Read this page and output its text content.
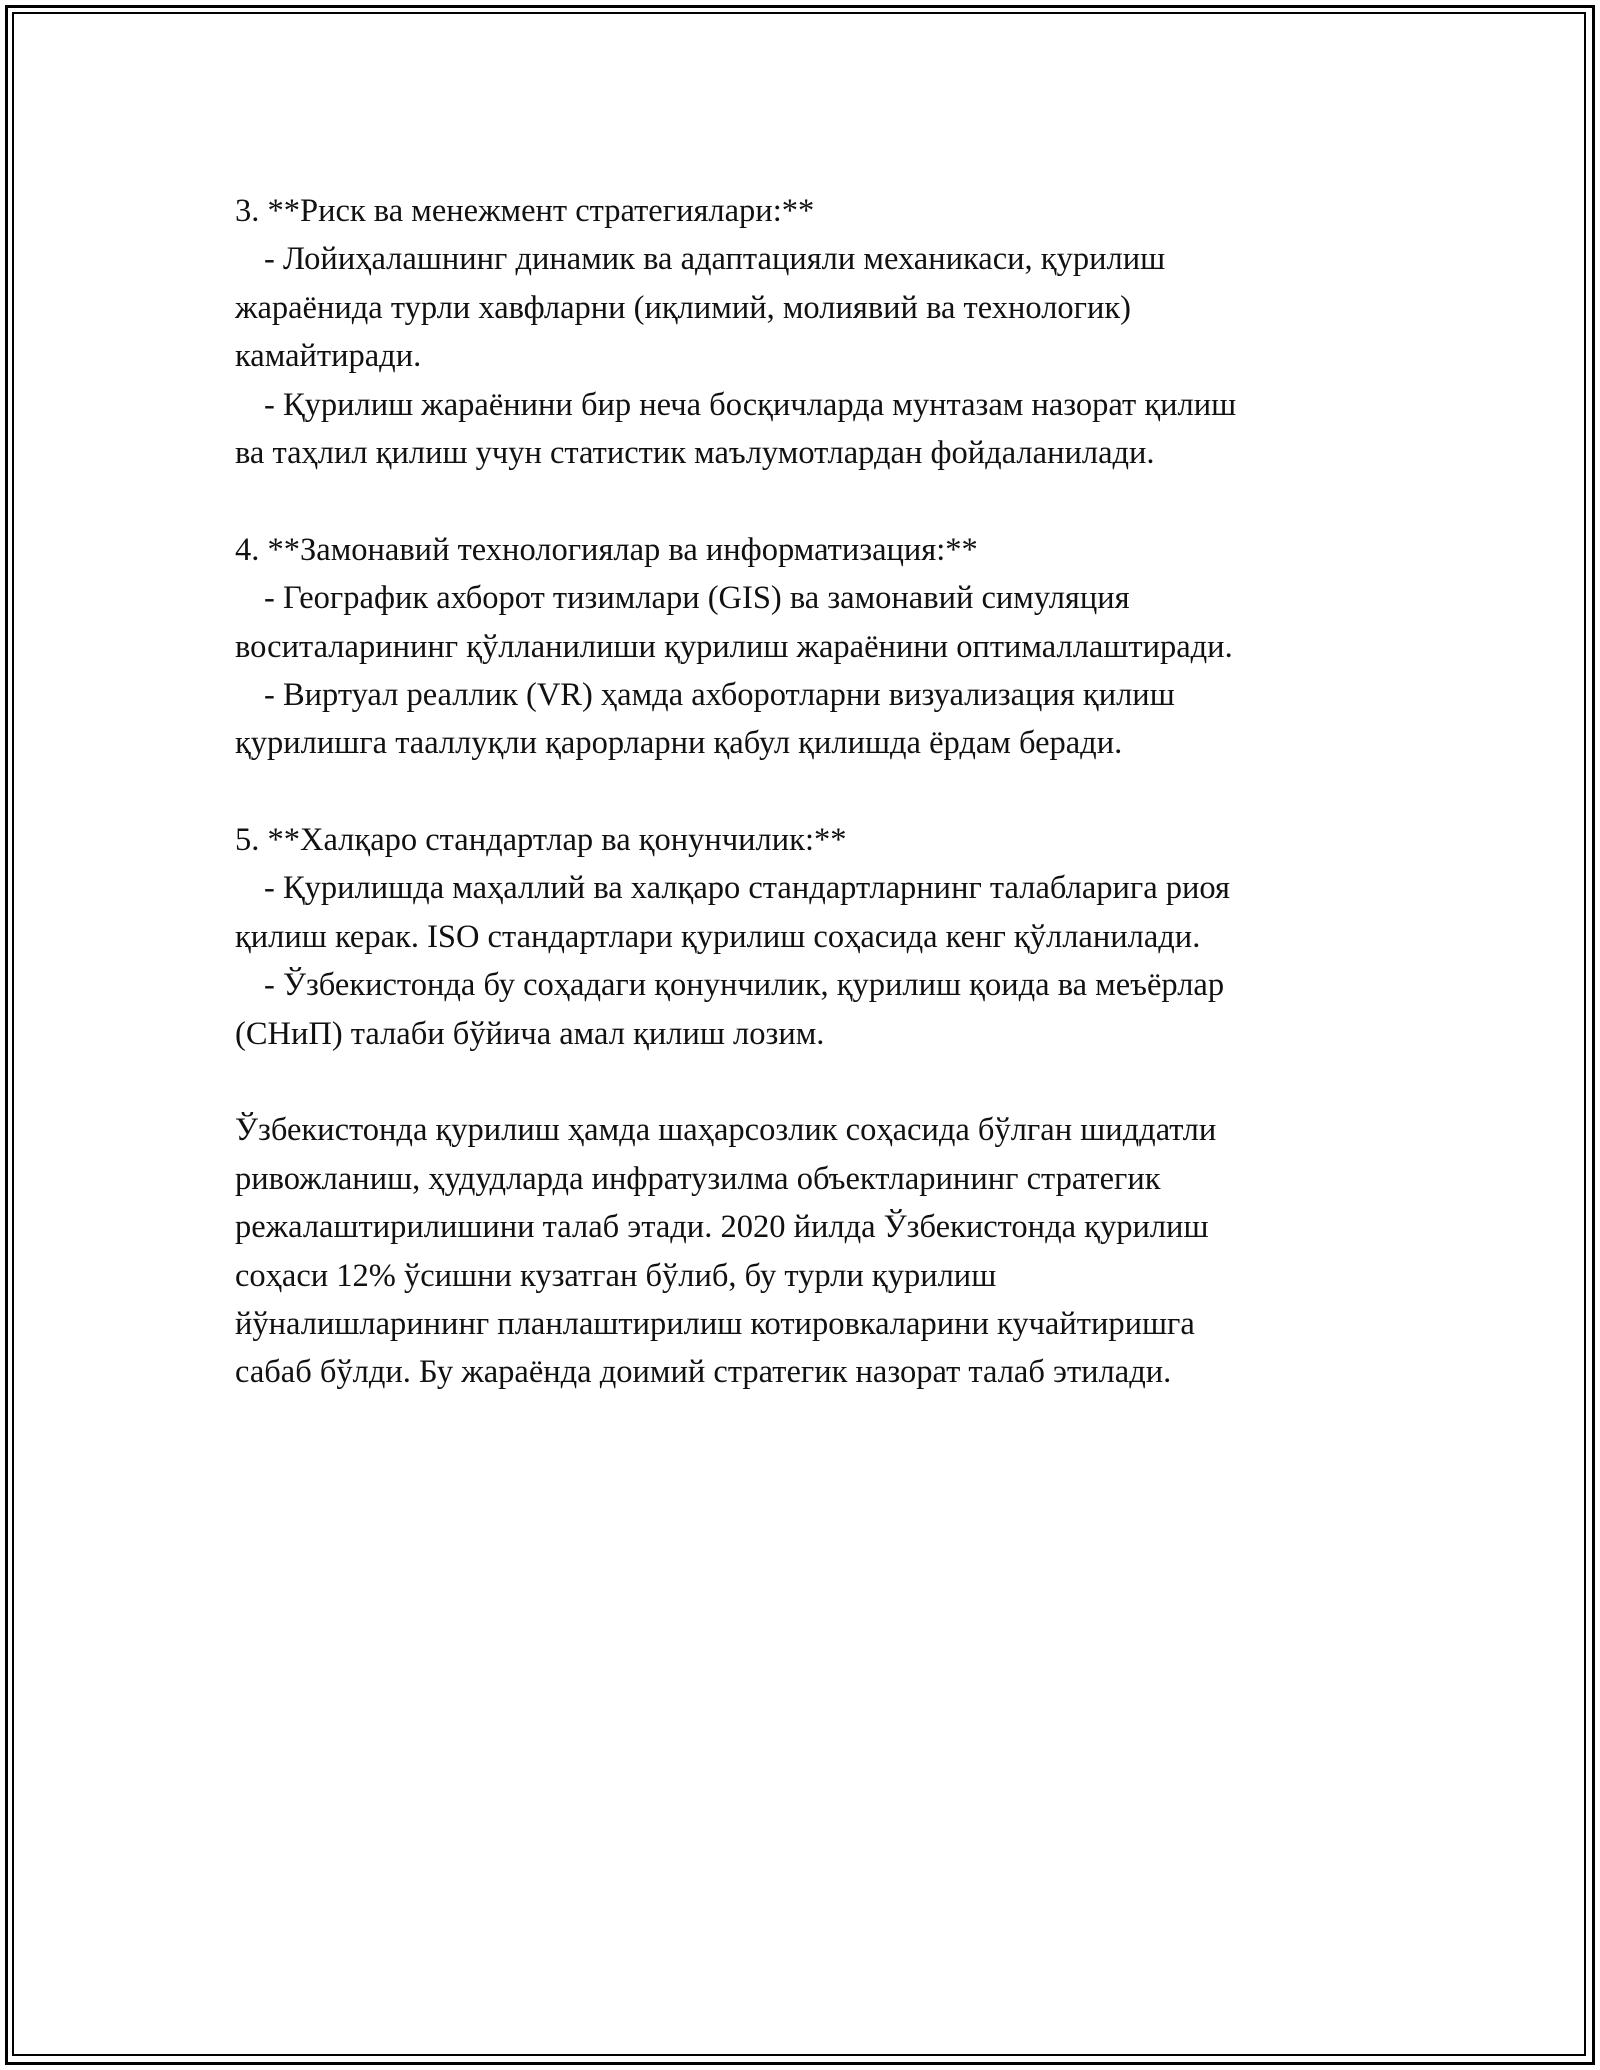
3. **Риск ва менежмент стратегиялари:**
- Лойиҳалашнинг динамик ва адаптацияли механикаси, қурилиш
жараёнида турли хавфларни (иқлимий, молиявий ва технологик)
камайтиради.
- Қурилиш жараёнини бир неча босқичларда мунтазам назорат қилиш
ва таҳлил қилиш учун статистик маълумотлардан фойдаланилади.
4. **Замонавий технологиялар ва информатизация:**
- Географик ахборот тизимлари (GIS) ва замонавий симуляция
воситаларининг қўлланилиши қурилиш жараёнини оптималлаштиради.
- Виртуал реаллик (VR) ҳамда ахборотларни визуализация қилиш
қурилишга тааллуқли қарорларни қабул қилишда ёрдам беради.
5. **Халқаро стандартлар ва қонунчилик:**
- Қурилишда маҳаллий ва халқаро стандартларнинг талабларига риоя
қилиш керак. ISO стандартлари қурилиш соҳасида кенг қўлланилади.
- Ўзбекистонда бу соҳадаги қонунчилик, қурилиш қоида ва меъёрлар
(СНиП) талаби бўйича амал қилиш лозим.
Ўзбекистонда қурилиш ҳамда шаҳарсозлик соҳасида бўлган шиддатли
ривожланиш, ҳудудларда инфратузилма объектларининг стратегик
режалаштирилишини талаб этади. 2020 йилда Ўзбекистонда қурилиш
соҳаси 12% ўсишни кузатган бўлиб, бу турли қурилиш
йўналишларининг планлаштирилиш котировкаларини кучайтиришга
сабаб бўлди. Бу жараёнда доимий стратегик назорат талаб этилади.
